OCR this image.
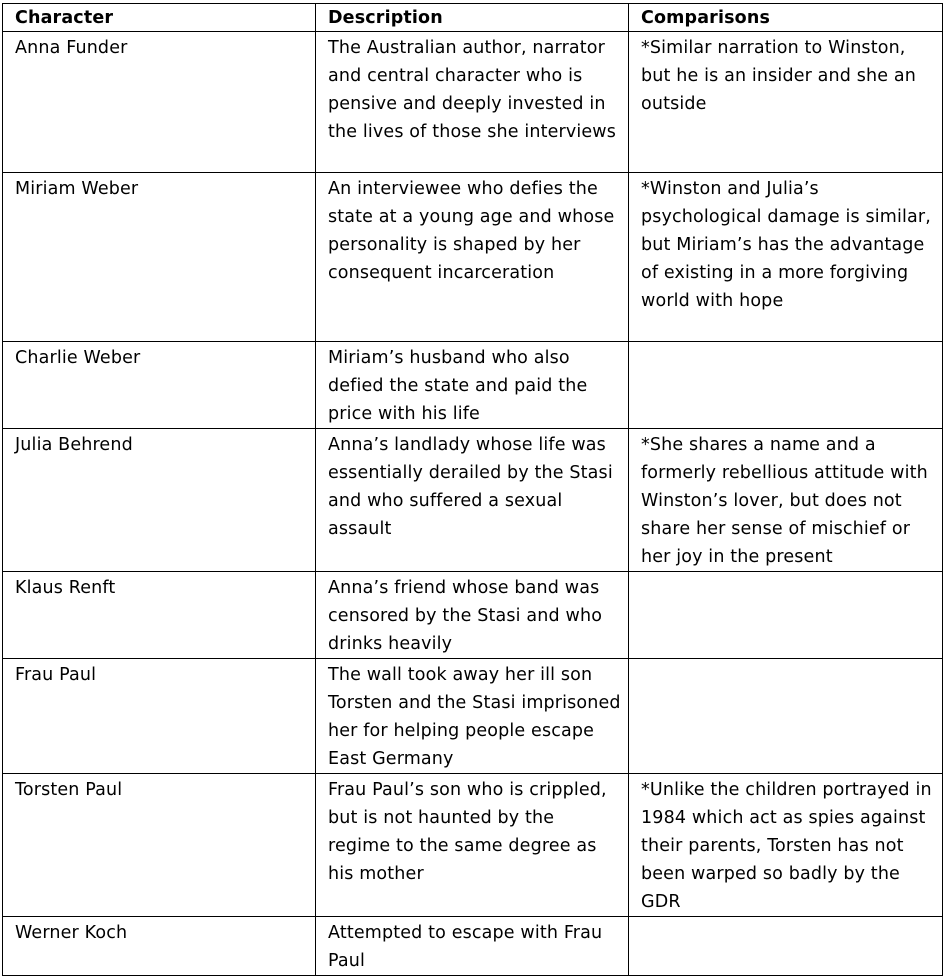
Character	Description	Comparisons
Anna Funder	The Australian author, narrator and central character who is pensive and deeply invested in the lives of those she interviews	*Similar narration to Winston, but he is an insider and she an outside
Miriam Weber	An interviewee who defies the state at a young age and whose personality is shaped by her consequent incarceration	*Winston and Julia’s psychological damage is similar, but Miriam’s has the advantage of existing in a more forgiving world with hope
Charlie Weber	Miriam’s husband who also defied the state and paid the price with his life	
Julia Behrend	Anna’s landlady whose life was essentially derailed by the Stasi and who suffered a sexual assault	*She shares a name and a formerly rebellious attitude with Winston’s lover, but does not share her sense of mischief or her joy in the present
Klaus Renft	Anna’s friend whose band was censored by the Stasi and who drinks heavily	
Frau Paul	The wall took away her ill son Torsten and the Stasi imprisoned her for helping people escape East Germany	
Torsten Paul	Frau Paul’s son who is crippled, but is not haunted by the regime to the same degree as his mother	*Unlike the children portrayed in 1984 which act as spies against their parents, Torsten has not been warped so badly by the GDR
Werner Koch	Attempted to escape with Frau Paul	
